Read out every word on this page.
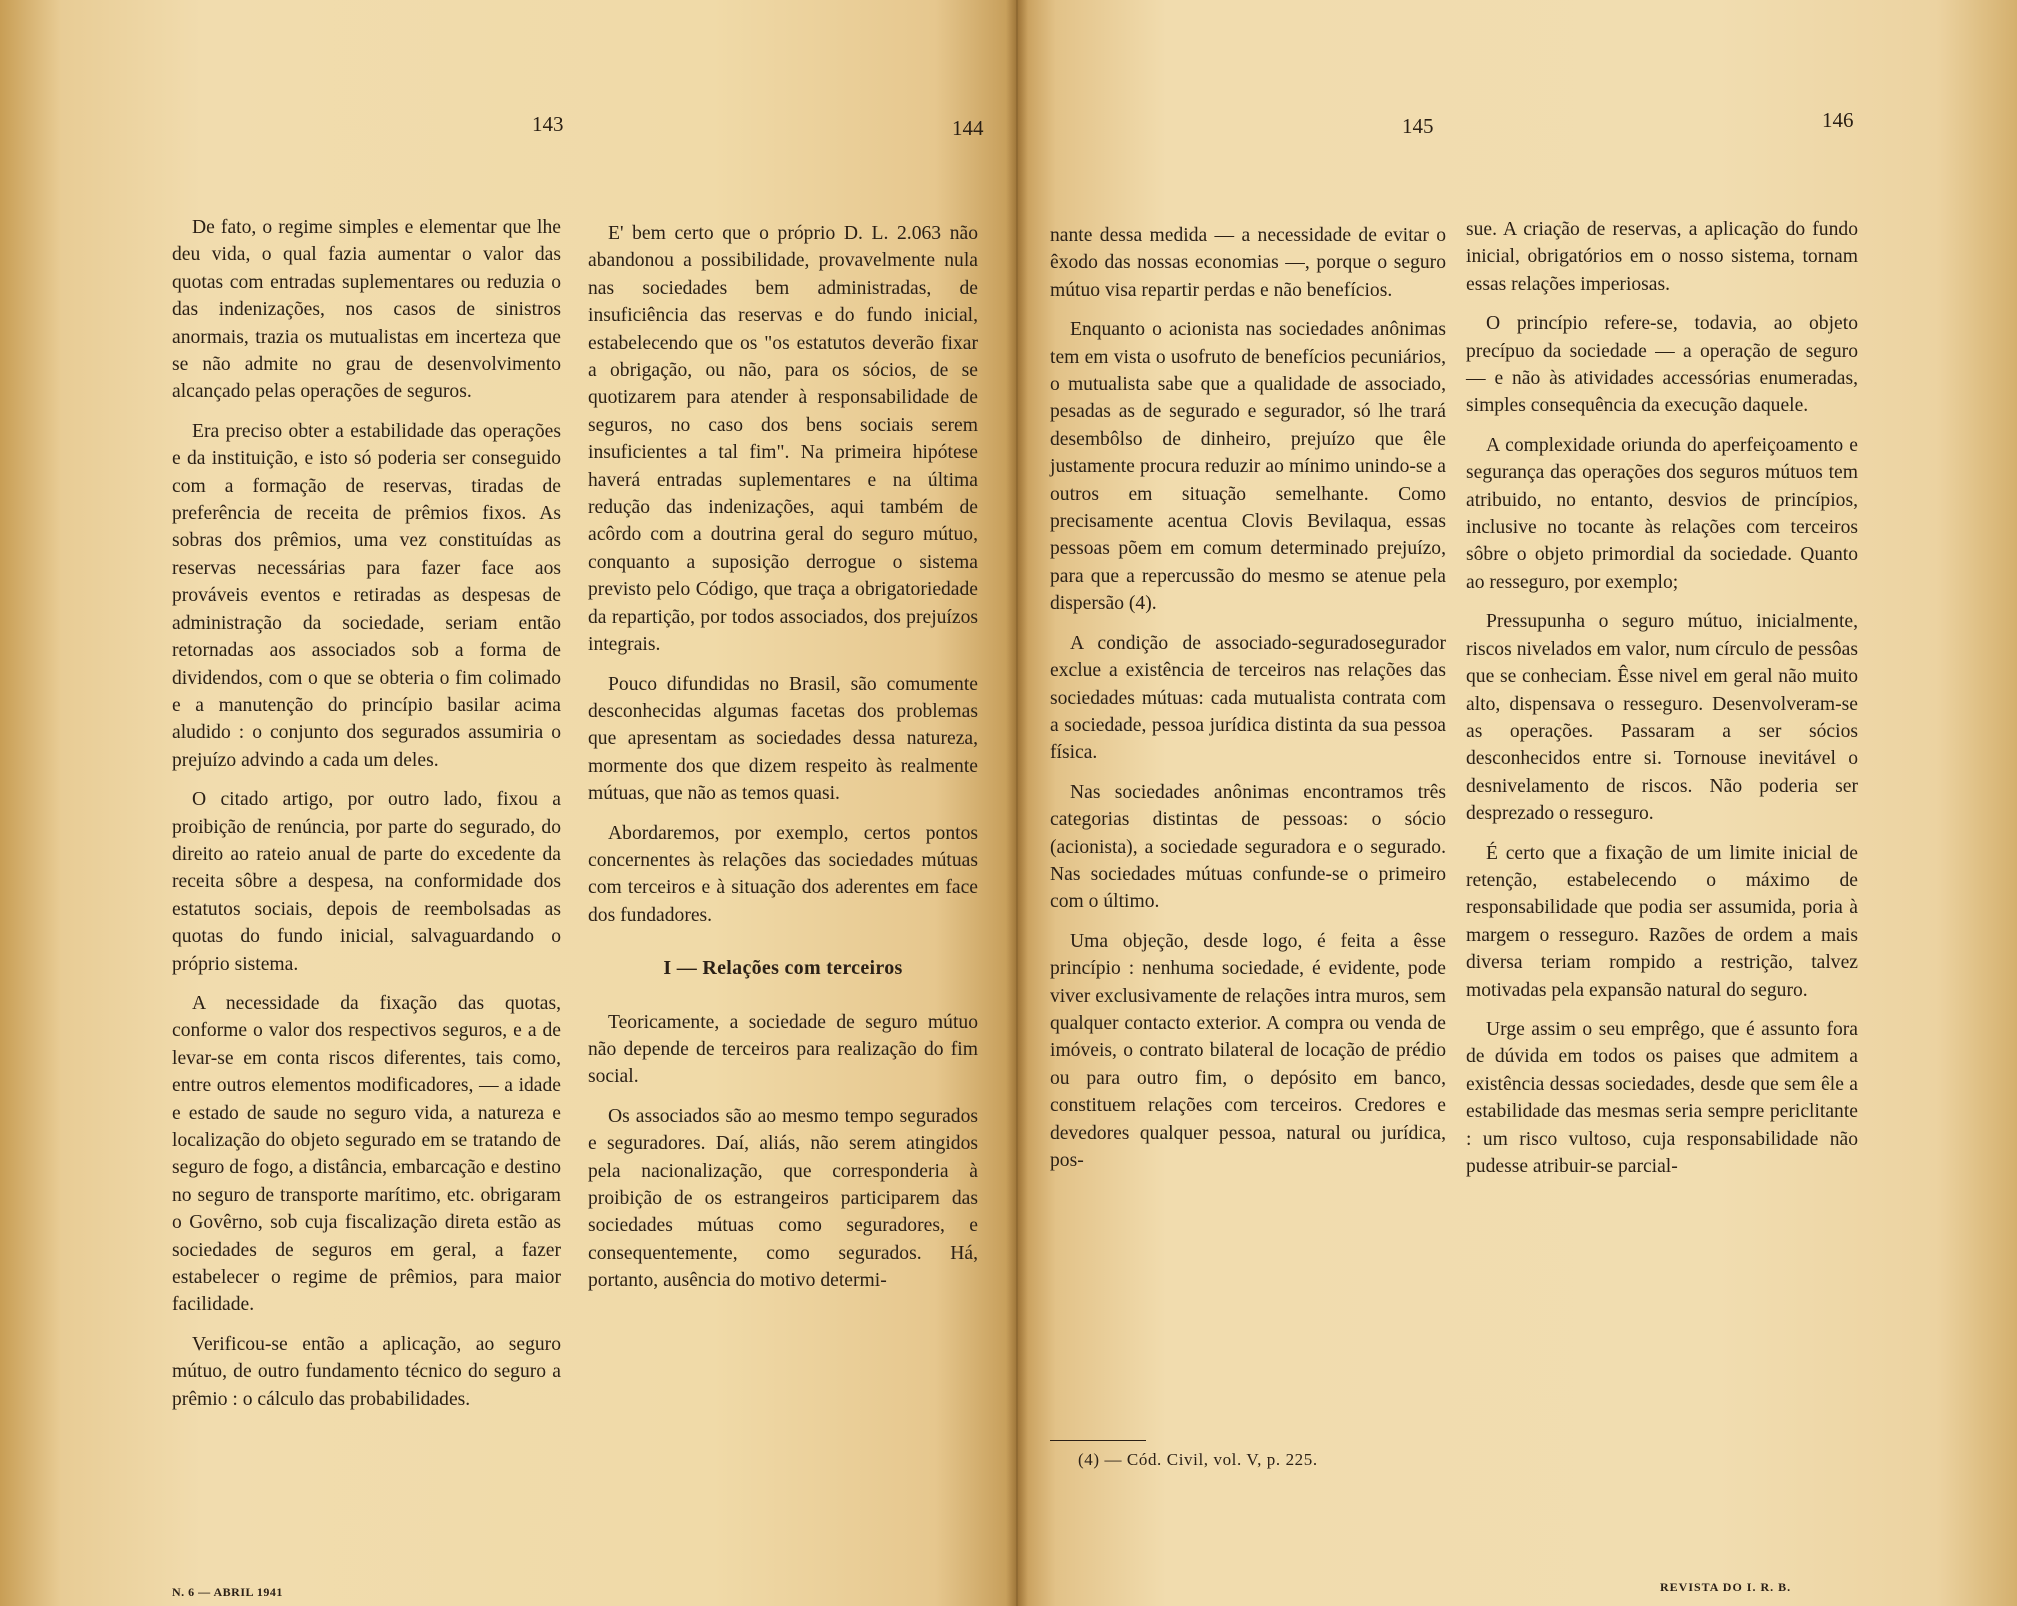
143	144	145	146

De fato, o regime simples e elementar que lhe deu vida, o qual fazia aumentar o valor das quotas com entradas suplementares ou reduzia o das indenizações, nos casos de sinistros anormais, trazia os mutualistas em incerteza que se não admite no grau de desenvolvimento alcançado pelas operações de seguros.

Era preciso obter a estabilidade das operações e da instituição, e isto só poderia ser conseguido com a formação de reservas, tiradas de preferência de receita de prêmios fixos. As sobras dos prêmios, uma vez constituídas as reservas necessárias para fazer face aos prováveis eventos e retiradas as despesas de administração da sociedade, seriam então retornadas aos associados sob a forma de dividendos, com o que se obteria o fim colimado e a manutenção do princípio basilar acima aludido : o conjunto dos segurados assumiria o prejuízo advindo a cada um deles.

O citado artigo, por outro lado, fixou a proibição de renúncia, por parte do segurado, do direito ao rateio anual de parte do excedente da receita sôbre a despesa, na conformidade dos estatutos sociais, depois de reembolsadas as quotas do fundo inicial, salvaguardando o próprio sistema.

A necessidade da fixação das quotas, conforme o valor dos respectivos seguros, e a de levar-se em conta riscos diferentes, tais como, entre outros elementos modificadores, — a idade e estado de saude no seguro vida, a natureza e localização do objeto segurado em se tratando de seguro de fogo, a distância, embarcação e destino no seguro de transporte marítimo, etc. obrigaram o Govêrno, sob cuja fiscalização direta estão as sociedades de seguros em geral, a fazer estabelecer o regime de prêmios, para maior facilidade.

Verificou-se então a aplicação, ao seguro mútuo, de outro fundamento técnico do seguro a prêmio : o cálculo das probabilidades.

E' bem certo que o próprio D. L. 2.063 não abandonou a possibilidade, provavelmente nula nas sociedades bem administradas, de insuficiência das reservas e do fundo inicial, estabelecendo que os "os estatutos deverão fixar a obrigação, ou não, para os sócios, de se quotizarem para atender à responsabilidade de seguros, no caso dos bens sociais serem insuficientes a tal fim". Na primeira hipótese haverá entradas suplementares e na última redução das indenizações, aqui também de acôrdo com a doutrina geral do seguro mútuo, conquanto a suposição derrogue o sistema previsto pelo Código, que traça a obrigatoriedade da repartição, por todos associados, dos prejuízos integrais.

Pouco difundidas no Brasil, são comumente desconhecidas algumas facetas dos problemas que apresentam as sociedades dessa natureza, mormente dos que dizem respeito às realmente mútuas, que não as temos quasi.

Abordaremos, por exemplo, certos pontos concernentes às relações das sociedades mútuas com terceiros e à situação dos aderentes em face dos fundadores.

I — Relações com terceiros

Teoricamente, a sociedade de seguro mútuo não depende de terceiros para realização do fim social.

Os associados são ao mesmo tempo segurados e seguradores. Daí, aliás, não serem atingidos pela nacionalização, que corresponderia à proibição de os estrangeiros participarem das sociedades mútuas como seguradores, e consequentemente, como segurados. Há, portanto, ausência do motivo determi-

nante dessa medida — a necessidade de evitar o êxodo das nossas economias —, porque o seguro mútuo visa repartir perdas e não benefícios.

Enquanto o acionista nas sociedades anônimas tem em vista o usofruto de benefícios pecuniários, o mutualista sabe que a qualidade de associado, pesadas as de segurado e segurador, só lhe trará desembôlso de dinheiro, prejuízo que êle justamente procura reduzir ao mínimo unindo-se a outros em situação semelhante. Como precisamente acentua Clovis Bevilaqua, essas pessoas põem em comum determinado prejuízo, para que a repercussão do mesmo se atenue pela dispersão (4).

A condição de associado-seguradosegurador exclue a existência de terceiros nas relações das sociedades mútuas: cada mutualista contrata com a sociedade, pessoa jurídica distinta da sua pessoa física.

Nas sociedades anônimas encontramos três categorias distintas de pessoas: o sócio (acionista), a sociedade seguradora e o segurado. Nas sociedades mútuas confunde-se o primeiro com o último.

Uma objeção, desde logo, é feita a êsse princípio : nenhuma sociedade, é evidente, pode viver exclusivamente de relações intra muros, sem qualquer contacto exterior. A compra ou venda de imóveis, o contrato bilateral de locação de prédio ou para outro fim, o depósito em banco, constituem relações com terceiros. Credores e devedores qualquer pessoa, natural ou jurídica, pos-

(4) — Cód. Civil, vol. V, p. 225.

sue. A criação de reservas, a aplicação do fundo inicial, obrigatórios em o nosso sistema, tornam essas relações imperiosas.

O princípio refere-se, todavia, ao objeto precípuo da sociedade — a operação de seguro — e não às atividades accessórias enumeradas, simples consequência da execução daquele.

A complexidade oriunda do aperfeiçoamento e segurança das operações dos seguros mútuos tem atribuido, no entanto, desvios de princípios, inclusive no tocante às relações com terceiros sôbre o objeto primordial da sociedade. Quanto ao resseguro, por exemplo;

Pressupunha o seguro mútuo, inicialmente, riscos nivelados em valor, num círculo de pessôas que se conheciam. Êsse nivel em geral não muito alto, dispensava o resseguro. Desenvolveram-se as operações. Passaram a ser sócios desconhecidos entre si. Tornouse inevitável o desnivelamento de riscos. Não poderia ser desprezado o resseguro.

É certo que a fixação de um limite inicial de retenção, estabelecendo o máximo de responsabilidade que podia ser assumida, poria à margem o resseguro. Razões de ordem a mais diversa teriam rompido a restrição, talvez motivadas pela expansão natural do seguro.

Urge assim o seu emprêgo, que é assunto fora de dúvida em todos os paises que admitem a existência dessas sociedades, desde que sem êle a estabilidade das mesmas seria sempre periclitante : um risco vultoso, cuja responsabilidade não pudesse atribuir-se parcial-

N. 6 — ABRIL 1941	REVISTA DO I. R. B.
